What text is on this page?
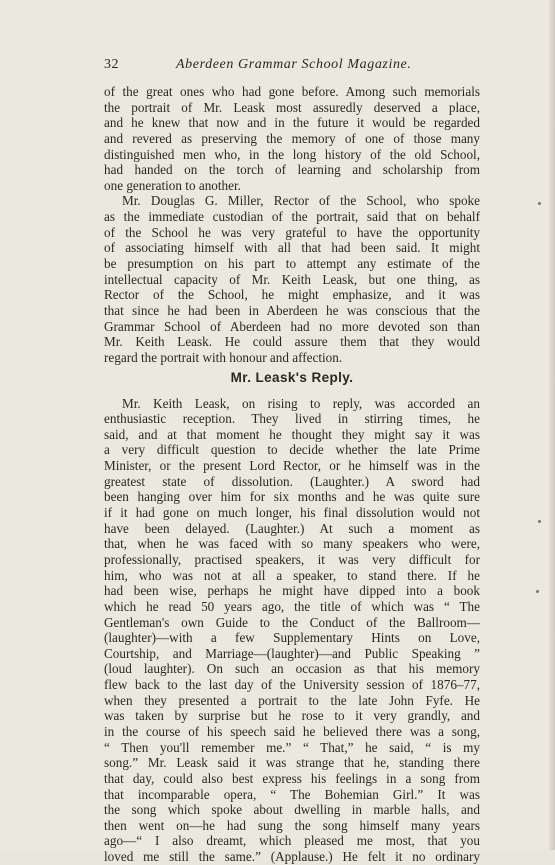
32	Aberdeen Grammar School Magazine.
of the great ones who had gone before. Among such memorials
the portrait of Mr. Leask most assuredly deserved a place,
and he knew that now and in the future it would be regarded
and revered as preserving the memory of one of those many
distinguished men who, in the long history of the old School,
had handed on the torch of learning and scholarship from
one generation to another.
Mr. Douglas G. Miller, Rector of the School, who spoke
as the immediate custodian of the portrait, said that on behalf
of the School he was very grateful to have the opportunity
of associating himself with all that had been said. It might
be presumption on his part to attempt any estimate of the
intellectual capacity of Mr. Keith Leask, but one thing, as
Rector of the School, he might emphasize, and it was
that since he had been in Aberdeen he was conscious that the
Grammar School of Aberdeen had no more devoted son than
Mr. Keith Leask. He could assure them that they would
regard the portrait with honour and affection.
Mr. Leask's Reply.
Mr. Keith Leask, on rising to reply, was accorded an
enthusiastic reception. They lived in stirring times, he
said, and at that moment he thought they might say it was
a very difficult question to decide whether the late Prime
Minister, or the present Lord Rector, or he himself was in the
greatest state of dissolution. (Laughter.) A sword had
been hanging over him for six months and he was quite sure
if it had gone on much longer, his final dissolution would not
have been delayed. (Laughter.) At such a moment as
that, when he was faced with so many speakers who were,
professionally, practised speakers, it was very difficult for
him, who was not at all a speaker, to stand there. If he
had been wise, perhaps he might have dipped into a book
which he read 50 years ago, the title of which was “ The
Gentleman's own Guide to the Conduct of the Ballroom—
(laughter)—with a few Supplementary Hints on Love,
Courtship, and Marriage—(laughter)—and Public Speaking ”
(loud laughter). On such an occasion as that his memory
flew back to the last day of the University session of 1876–77,
when they presented a portrait to the late John Fyfe. He
was taken by surprise but he rose to it very grandly, and
in the course of his speech said he believed there was a song,
“ Then you'll remember me.” “ That,” he said, “ is my
song.” Mr. Leask said it was strange that he, standing there
that day, could also best express his feelings in a song from
that incomparable opera, “ The Bohemian Girl.” It was
the song which spoke about dwelling in marble halls, and
then went on—he had sung the song himself many years
ago—“ I also dreamt, which pleased me most, that you
loved me still the same.” (Applause.) He felt it no ordinary
